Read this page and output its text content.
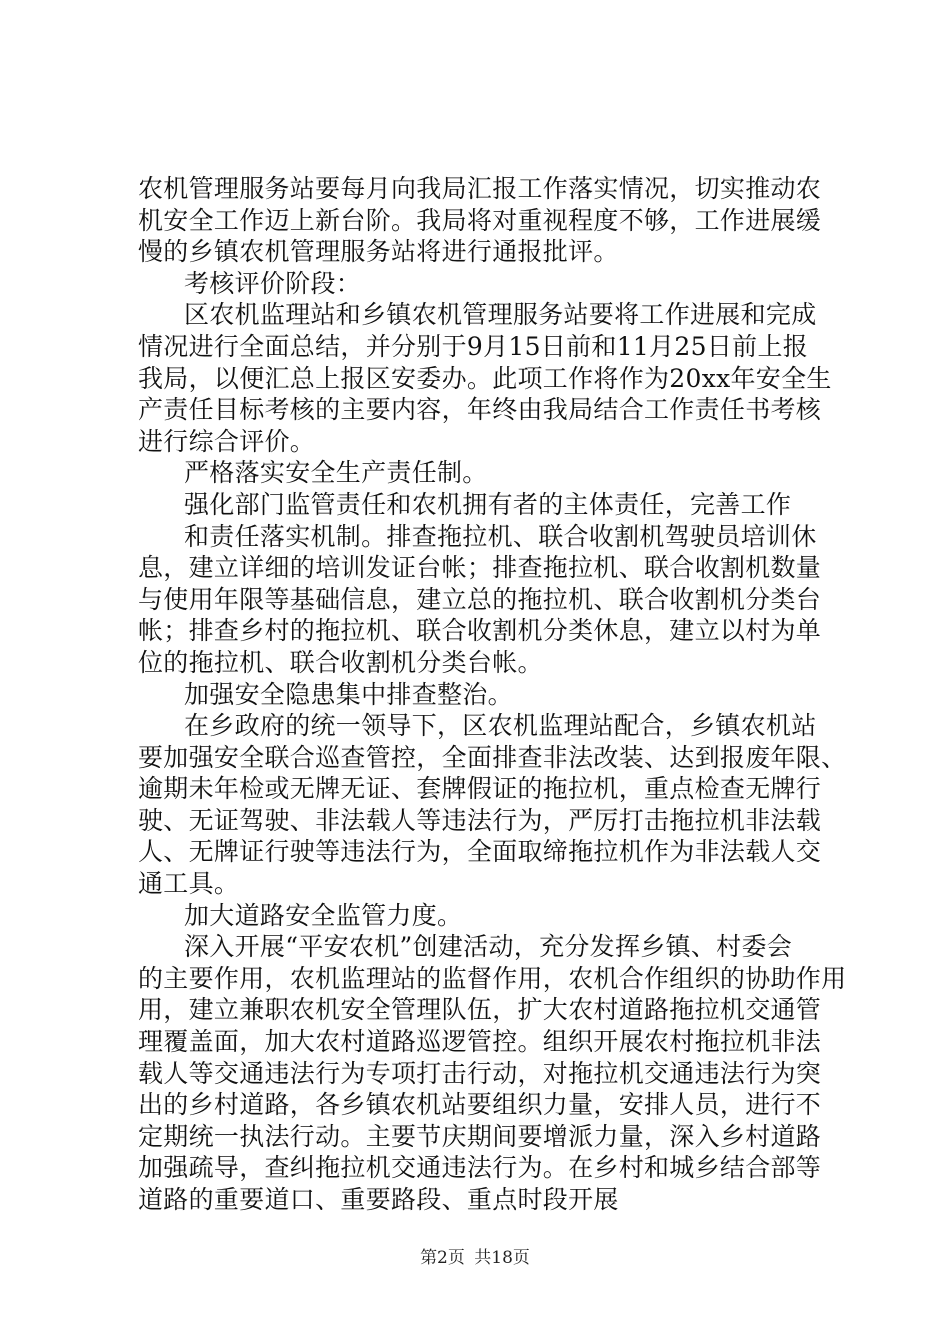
农机管理服务站要每月向我局汇报工作落实情况，切实推动农
机安全工作迈上新台阶。我局将对重视程度不够，工作进展缓
慢的乡镇农机管理服务站将进行通报批评。
考核评价阶段：
区农机监理站和乡镇农机管理服务站要将工作进展和完成
情况进行全面总结，并分别于9月15日前和11月25日前上报
我局，以便汇总上报区安委办。此项工作将作为20xx年安全生
产责任目标考核的主要内容，年终由我局结合工作责任书考核
进行综合评价。
严格落实安全生产责任制。
强化部门监管责任和农机拥有者的主体责任，完善工作
和责任落实机制。排查拖拉机、联合收割机驾驶员培训休
息，建立详细的培训发证台帐；排查拖拉机、联合收割机数量
与使用年限等基础信息，建立总的拖拉机、联合收割机分类台
帐；排查乡村的拖拉机、联合收割机分类休息，建立以村为单
位的拖拉机、联合收割机分类台帐。
加强安全隐患集中排查整治。
在乡政府的统一领导下，区农机监理站配合，乡镇农机站
要加强安全联合巡查管控，全面排查非法改装、达到报废年限、
逾期未年检或无牌无证、套牌假证的拖拉机，重点检查无牌行
驶、无证驾驶、非法载人等违法行为，严厉打击拖拉机非法载
人、无牌证行驶等违法行为，全面取缔拖拉机作为非法载人交
通工具。
加大道路安全监管力度。
深入开展“平安农机”创建活动，充分发挥乡镇、村委会
的主要作用，农机监理站的监督作用，农机合作组织的协助作用
用，建立兼职农机安全管理队伍，扩大农村道路拖拉机交通管
理覆盖面，加大农村道路巡逻管控。组织开展农村拖拉机非法
载人等交通违法行为专项打击行动，对拖拉机交通违法行为突
出的乡村道路，各乡镇农机站要组织力量，安排人员，进行不
定期统一执法行动。主要节庆期间要增派力量，深入乡村道路
加强疏导，查纠拖拉机交通违法行为。在乡村和城乡结合部等
道路的重要道口、重要路段、重点时段开展
第2页 共18页
